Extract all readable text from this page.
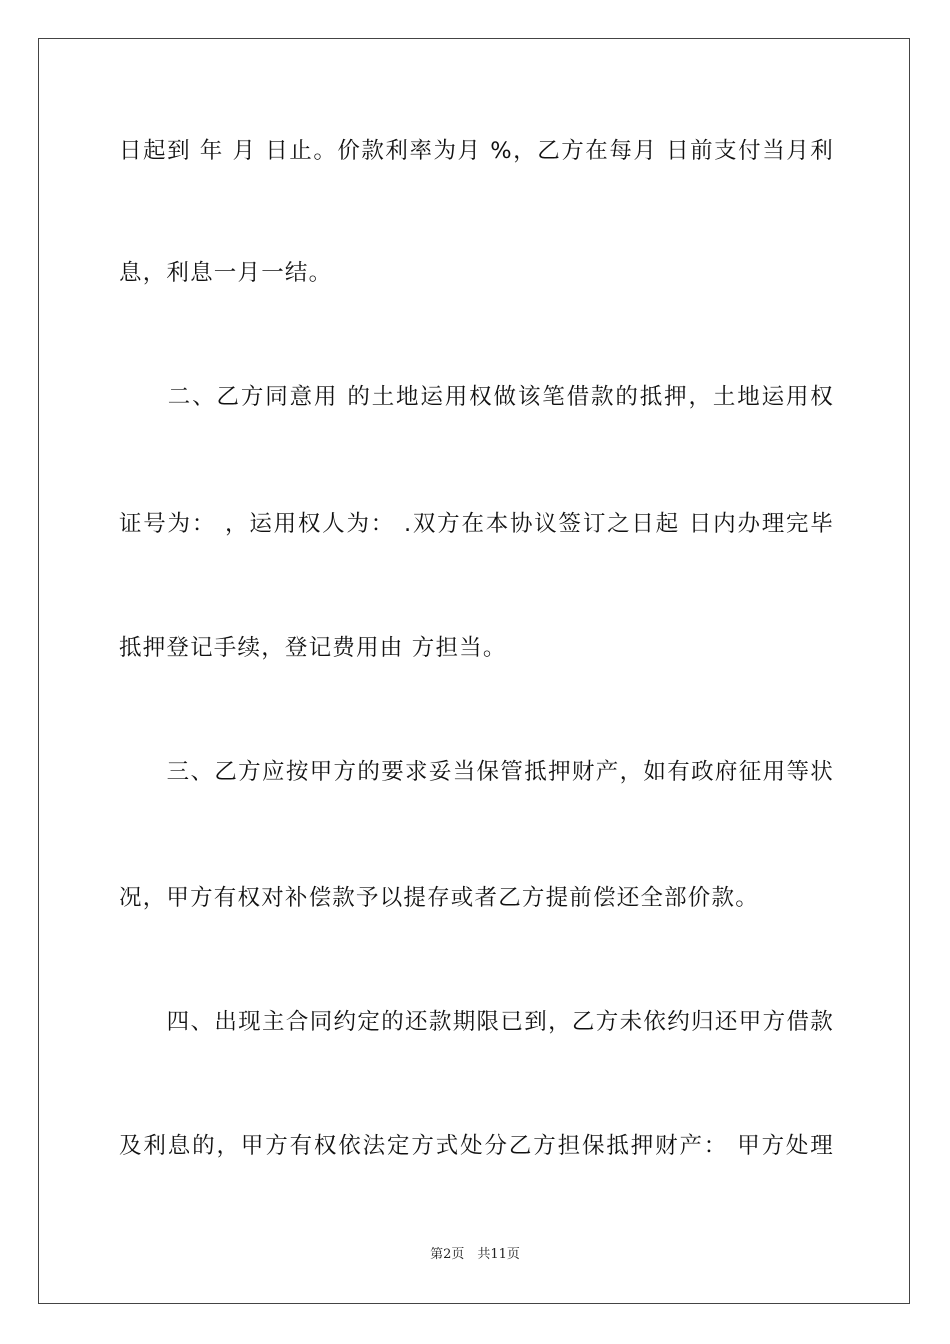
日起到 年 月 日止。价款利率为月 %，乙方在每月 日前支付当月利
息，利息一月一结。
　　二、乙方同意用 的土地运用权做该笔借款的抵押，土地运用权
证号为： ，运用权人为： .双方在本协议签订之日起 日内办理完毕
抵押登记手续，登记费用由 方担当。
　　三、乙方应按甲方的要求妥当保管抵押财产，如有政府征用等状
况，甲方有权对补偿款予以提存或者乙方提前偿还全部价款。
　　四、出现主合同约定的还款期限已到，乙方未依约归还甲方借款
及利息的，甲方有权依法定方式处分乙方担保抵押财产： 甲方处理
第2页　共11页
